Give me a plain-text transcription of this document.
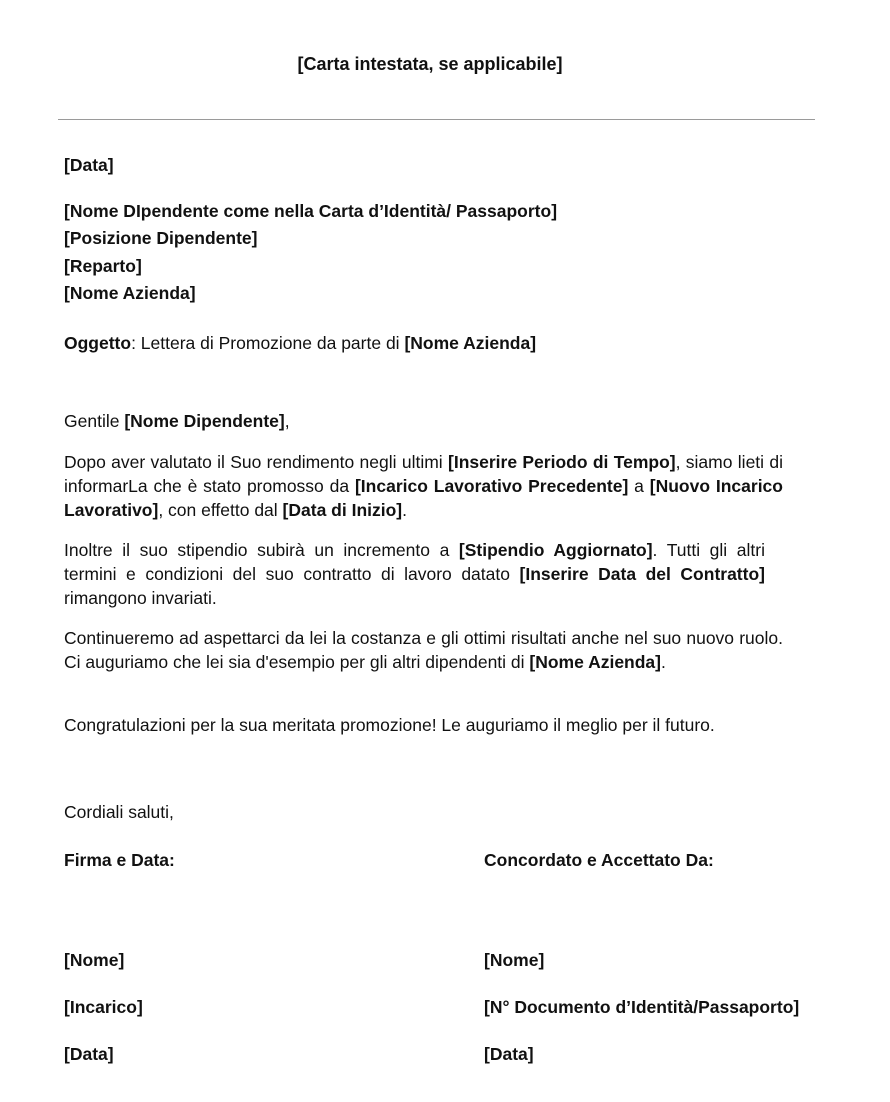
[Carta intestata, se applicabile]
[Data]
[Nome DIpendente come nella Carta d’Identità/ Passaporto]
[Posizione Dipendente]
[Reparto]
[Nome Azienda]
Oggetto: Lettera di Promozione da parte di [Nome Azienda]
Gentile [Nome Dipendente],
Dopo aver valutato il Suo rendimento negli ultimi [Inserire Periodo di Tempo], siamo lieti di informarLa che è stato promosso da [Incarico Lavorativo Precedente] a [Nuovo Incarico Lavorativo], con effetto dal [Data di Inizio].
Inoltre il suo stipendio subirà un incremento a [Stipendio Aggiornato]. Tutti gli altri termini e condizioni del suo contratto di lavoro datato [Inserire Data del Contratto] rimangono invariati.
Continueremo ad aspettarci da lei la costanza e gli ottimi risultati anche nel suo nuovo ruolo. Ci auguriamo che lei sia d'esempio per gli altri dipendenti di [Nome Azienda].
Congratulazioni per la sua meritata promozione! Le auguriamo il meglio per il futuro.
Cordiali saluti,
Firma e Data:	Concordato e Accettato Da:
[Nome]	[Nome]
[Incarico]	[N° Documento d’Identità/Passaporto]
[Data]	[Data]
